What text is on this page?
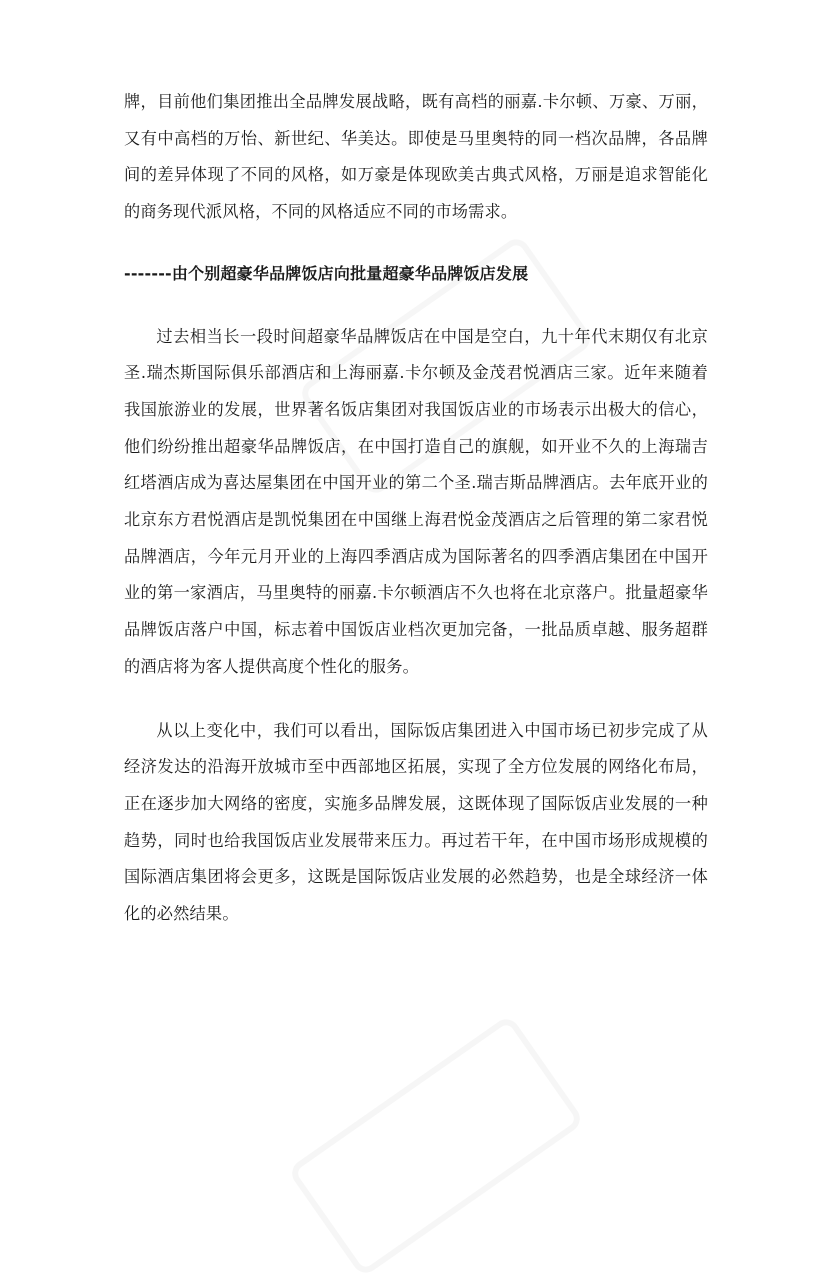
牌，目前他们集团推出全品牌发展战略，既有高档的丽嘉.卡尔顿、万豪、万丽，又有中高档的万怡、新世纪、华美达。即使是马里奥特的同一档次品牌，各品牌间的差异体现了不同的风格，如万豪是体现欧美古典式风格，万丽是追求智能化的商务现代派风格，不同的风格适应不同的市场需求。

-------由个别超豪华品牌饭店向批量超豪华品牌饭店发展

过去相当长一段时间超豪华品牌饭店在中国是空白，九十年代末期仅有北京圣.瑞杰斯国际俱乐部酒店和上海丽嘉.卡尔顿及金茂君悦酒店三家。近年来随着我国旅游业的发展，世界著名饭店集团对我国饭店业的市场表示出极大的信心，他们纷纷推出超豪华品牌饭店，在中国打造自己的旗舰，如开业不久的上海瑞吉红塔酒店成为喜达屋集团在中国开业的第二个圣.瑞吉斯品牌酒店。去年底开业的北京东方君悦酒店是凯悦集团在中国继上海君悦金茂酒店之后管理的第二家君悦品牌酒店，今年元月开业的上海四季酒店成为国际著名的四季酒店集团在中国开业的第一家酒店，马里奥特的丽嘉.卡尔顿酒店不久也将在北京落户。批量超豪华品牌饭店落户中国，标志着中国饭店业档次更加完备，一批品质卓越、服务超群的酒店将为客人提供高度个性化的服务。

从以上变化中，我们可以看出，国际饭店集团进入中国市场已初步完成了从经济发达的沿海开放城市至中西部地区拓展，实现了全方位发展的网络化布局，正在逐步加大网络的密度，实施多品牌发展，这既体现了国际饭店业发展的一种趋势，同时也给我国饭店业发展带来压力。再过若干年，在中国市场形成规模的国际酒店集团将会更多，这既是国际饭店业发展的必然趋势，也是全球经济一体化的必然结果。
